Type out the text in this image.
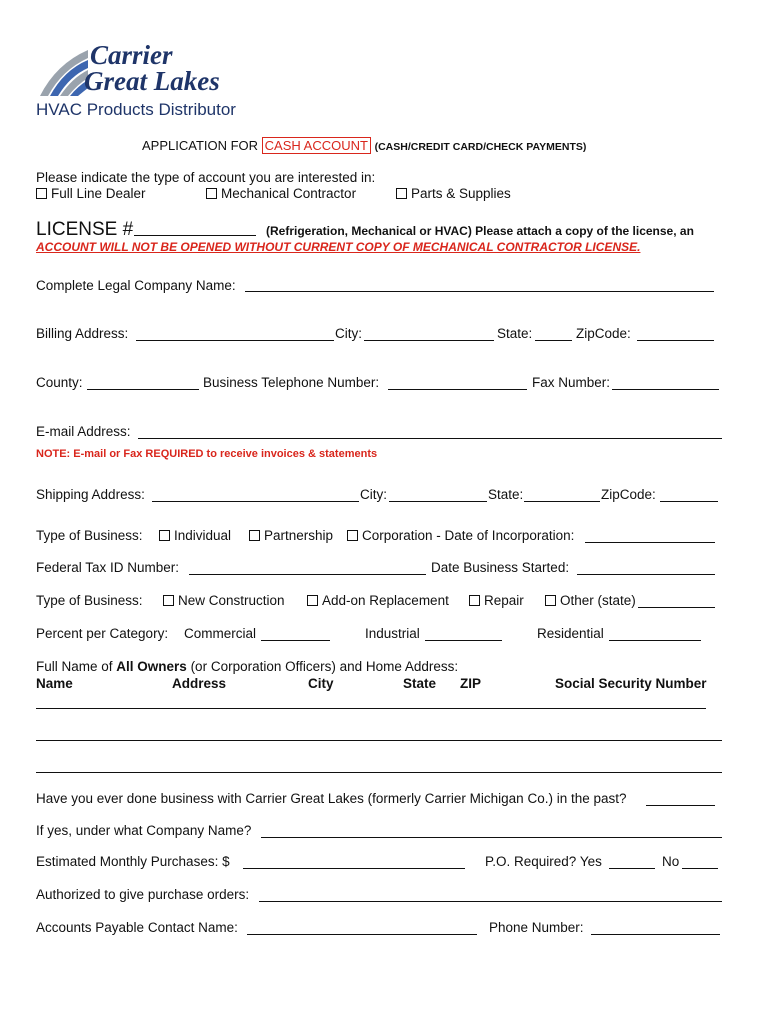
Carrier
Great Lakes
HVAC Products Distributor
APPLICATION FOR CASH ACCOUNT (CASH/CREDIT CARD/CHECK PAYMENTS)
Please indicate the type of account you are interested in:
Full Line Dealer	Mechanical Contractor	Parts & Supplies
LICENSE #	(Refrigeration, Mechanical or HVAC) Please attach a copy of the license, an
ACCOUNT WILL NOT BE OPENED WITHOUT CURRENT COPY OF MECHANICAL CONTRACTOR LICENSE.
Complete Legal Company Name:
Billing Address:	City:	State:	ZipCode:
County:	Business Telephone Number:	Fax Number:
E-mail Address:
NOTE: E-mail or Fax REQUIRED to receive invoices & statements
Shipping Address:	City:	State:	ZipCode:
Type of Business:	Individual	Partnership	Corporation - Date of Incorporation:
Federal Tax ID Number:	Date Business Started:
Type of Business:	New Construction	Add-on Replacement	Repair	Other (state)
Percent per Category: Commercial	Industrial	Residential
Full Name of All Owners (or Corporation Officers) and Home Address:
Name	Address	City	State ZIP	Social Security Number
Have you ever done business with Carrier Great Lakes (formerly Carrier Michigan Co.) in the past?
If yes, under what Company Name?
Estimated Monthly Purchases: $	P.O. Required? Yes	No
Authorized to give purchase orders:
Accounts Payable Contact Name:	Phone Number:
